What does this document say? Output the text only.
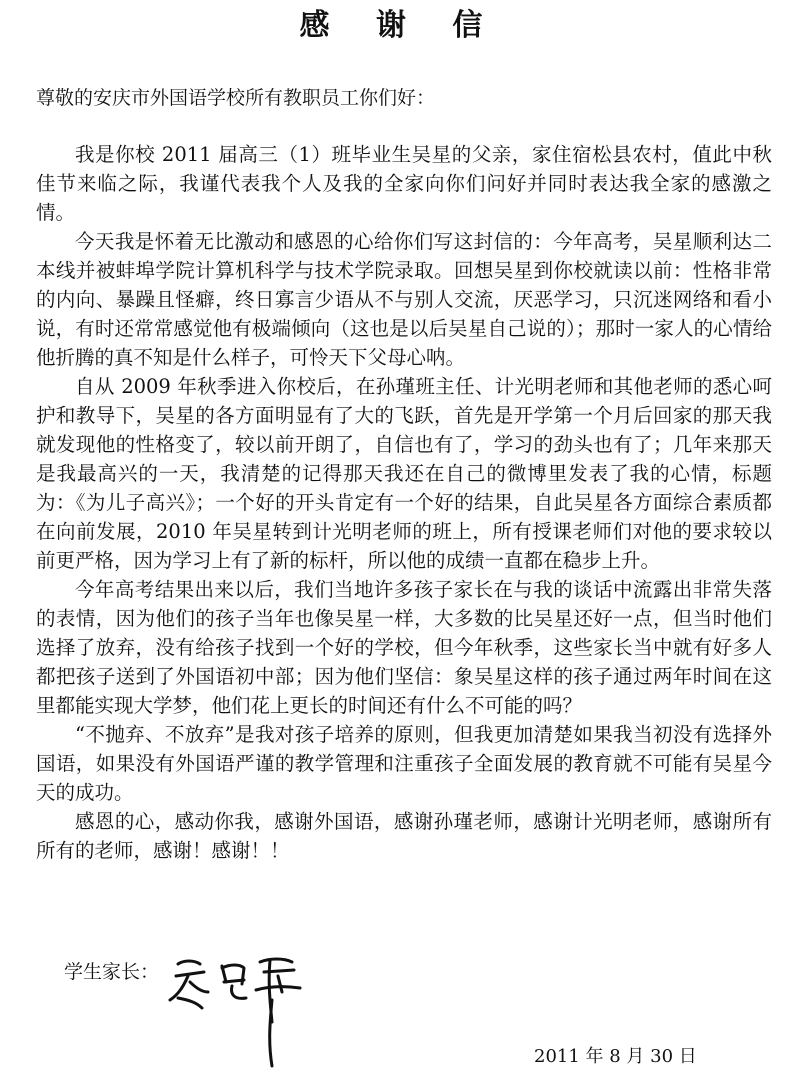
感 谢 信
尊敬的安庆市外国语学校所有教职员工你们好：

我是你校 2011 届高三（1）班毕业生吴星的父亲，家住宿松县农村，值此中秋佳节来临之际，我谨代表我个人及我的全家向你们问好并同时表达我全家的感激之情。

今天我是怀着无比激动和感恩的心给你们写这封信的：今年高考，吴星顺利达二本线并被蚌埠学院计算机科学与技术学院录取。回想吴星到你校就读以前：性格非常的内向、暴躁且怪癖，终日寡言少语从不与别人交流，厌恶学习，只沉迷网络和看小说，有时还常常感觉他有极端倾向（这也是以后吴星自己说的）；那时一家人的心情给他折腾的真不知是什么样子，可怜天下父母心呐。

自从 2009 年秋季进入你校后，在孙瑾班主任、计光明老师和其他老师的悉心呵护和教导下，吴星的各方面明显有了大的飞跃，首先是开学第一个月后回家的那天我就发现他的性格变了，较以前开朗了，自信也有了，学习的劲头也有了；几年来那天是我最高兴的一天，我清楚的记得那天我还在自己的微博里发表了我的心情，标题为：《为儿子高兴》；一个好的开头肯定有一个好的结果，自此吴星各方面综合素质都在向前发展，2010 年吴星转到计光明老师的班上，所有授课老师们对他的要求较以前更严格，因为学习上有了新的标杆，所以他的成绩一直都在稳步上升。

今年高考结果出来以后，我们当地许多孩子家长在与我的谈话中流露出非常失落的表情，因为他们的孩子当年也像吴星一样，大多数的比吴星还好一点，但当时他们选择了放弃，没有给孩子找到一个好的学校，但今年秋季，这些家长当中就有好多人都把孩子送到了外国语初中部；因为他们坚信：象吴星这样的孩子通过两年时间在这里都能实现大学梦，他们花上更长的时间还有什么不可能的吗？

“不抛弃、不放弃”是我对孩子培养的原则，但我更加清楚如果我当初没有选择外国语，如果没有外国语严谨的教学管理和注重孩子全面发展的教育就不可能有吴星今天的成功。

感恩的心，感动你我，感谢外国语，感谢孙瑾老师，感谢计光明老师，感谢所有所有的老师，感谢！感谢！！

学生家长：
2011 年 8 月 30 日
